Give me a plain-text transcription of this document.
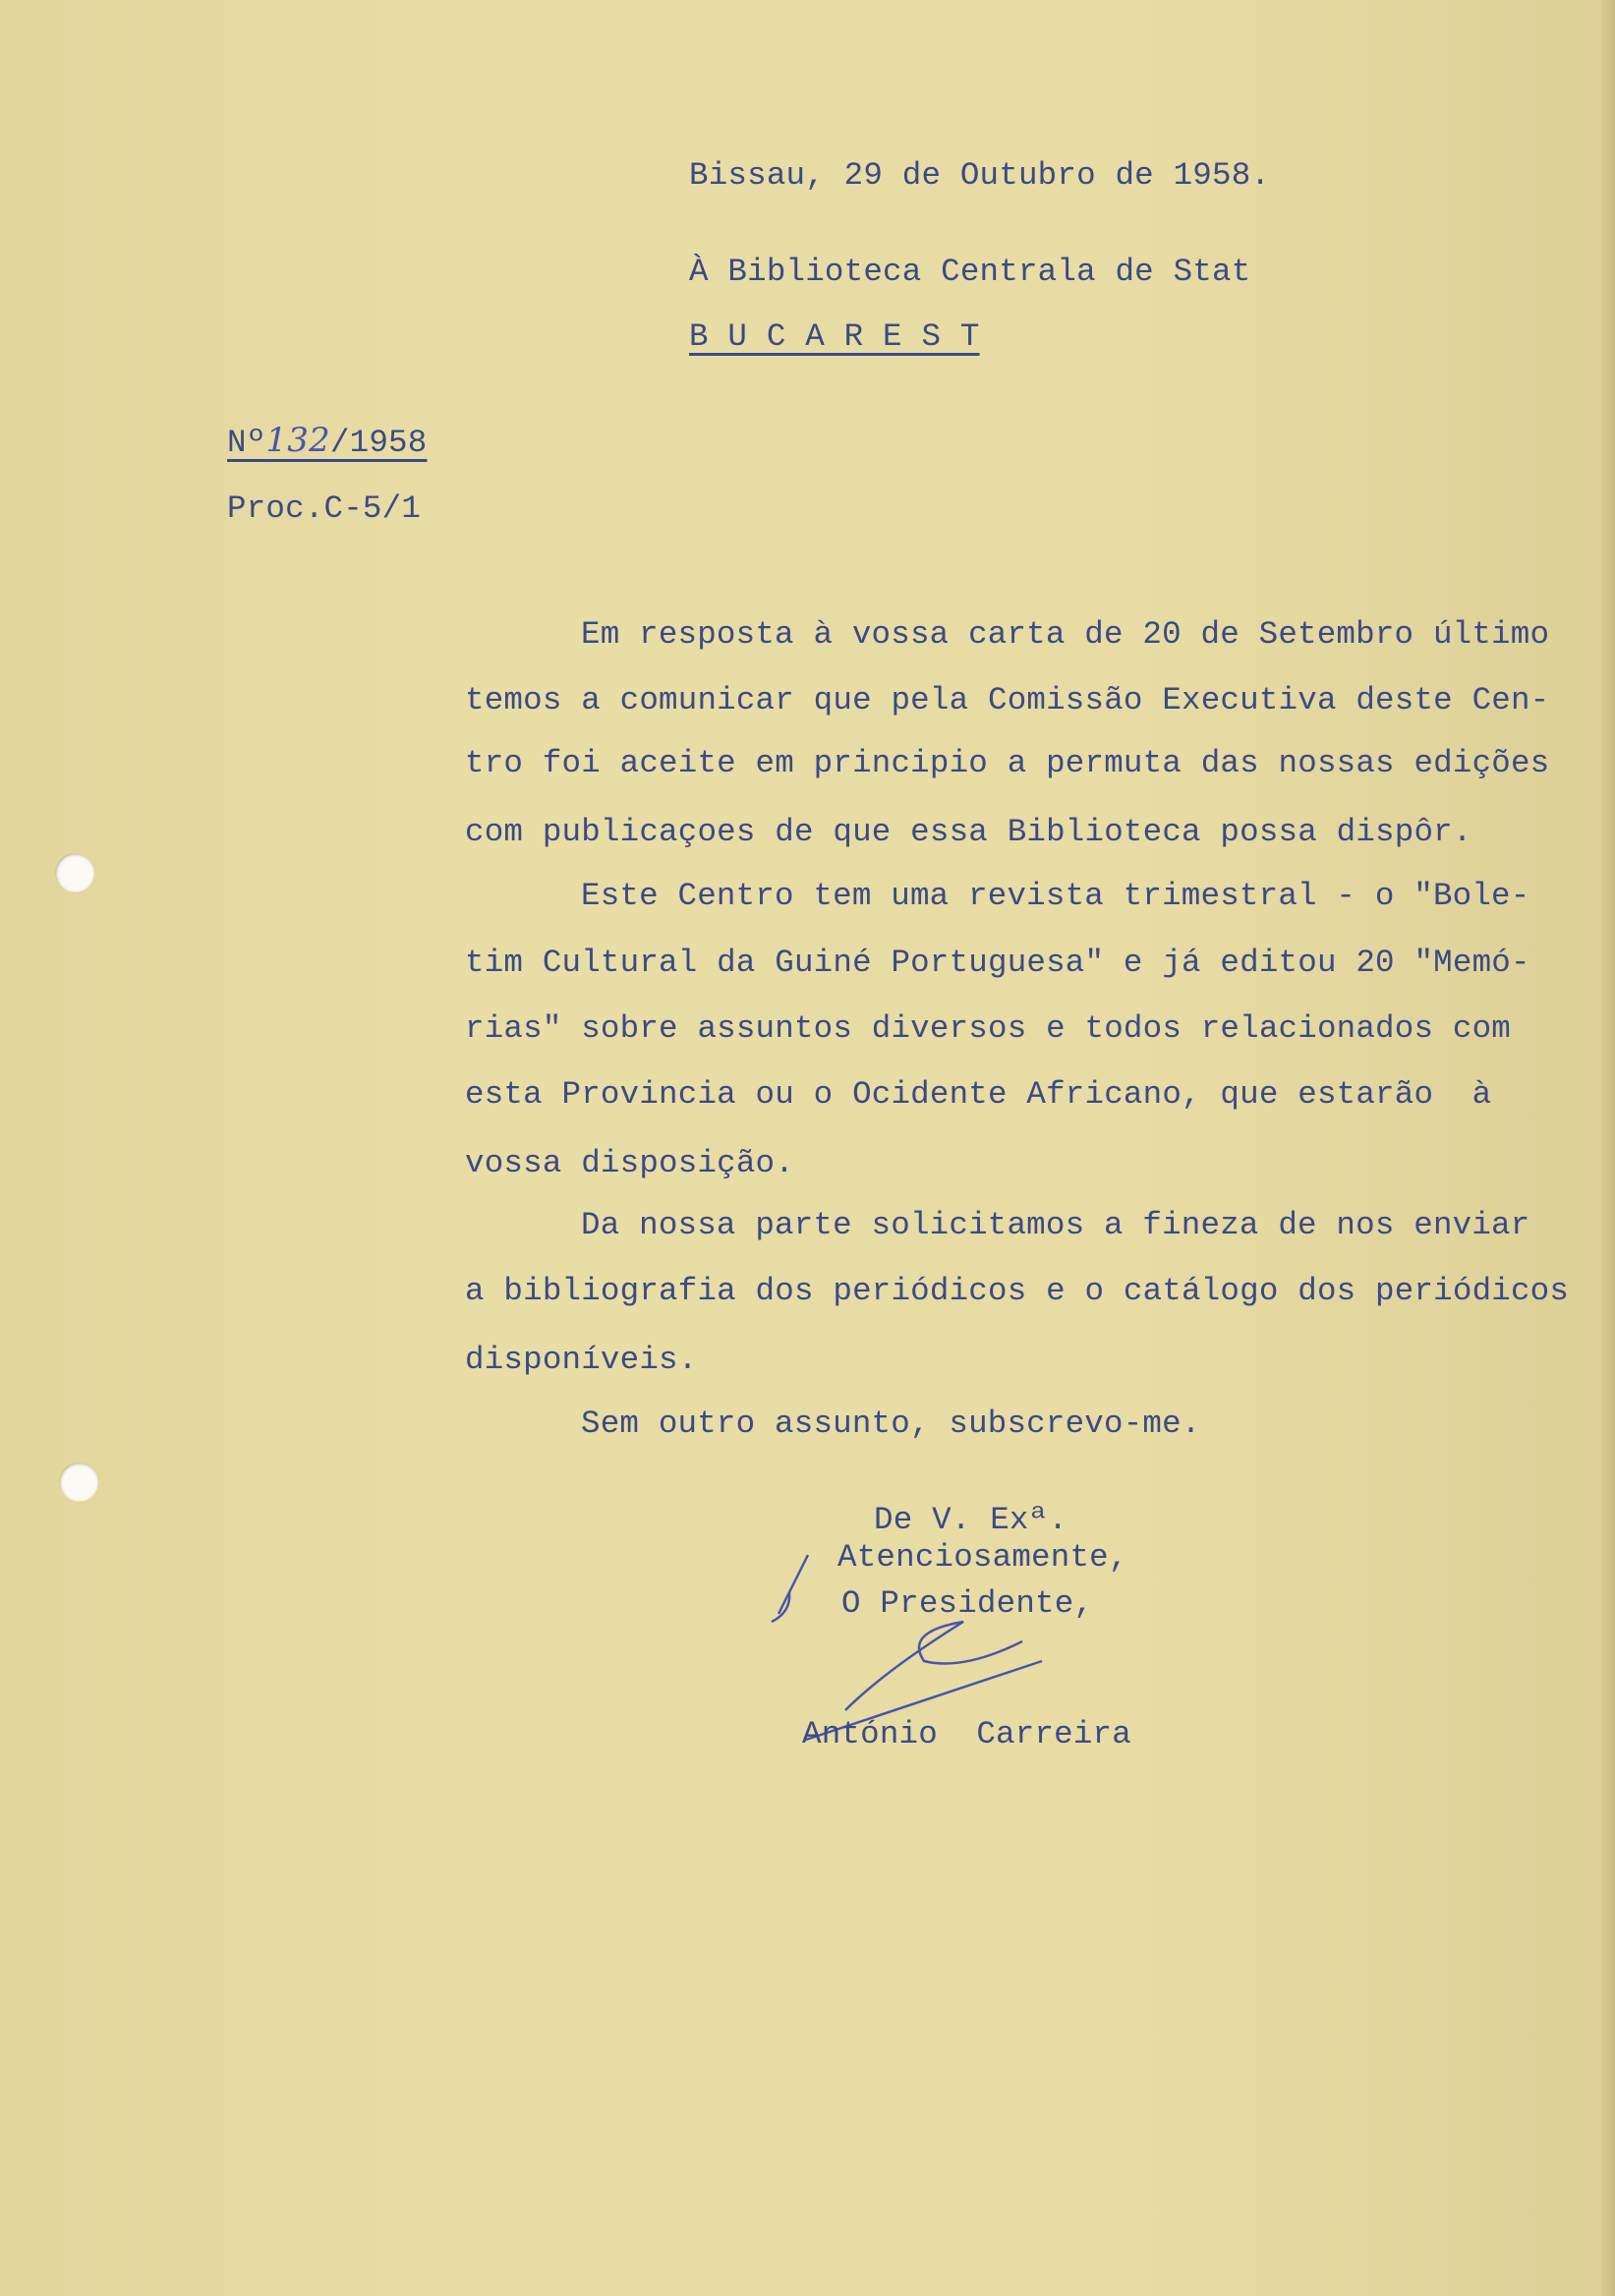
Bissau, 29 de Outubro de 1958.
À Biblioteca Centrala de Stat
B U C A R E S T
Nº132/1958
Proc.C-5/1
Em resposta à vossa carta de 20 de Setembro último
temos a comunicar que pela Comissão Executiva deste Cen-
tro foi aceite em principio a permuta das nossas edições
com publicaçoes de que essa Biblioteca possa dispôr.
Este Centro tem uma revista trimestral - o "Bole-
tim Cultural da Guiné Portuguesa" e já editou 20 "Memó-
rias" sobre assuntos diversos e todos relacionados com
esta Provincia ou o Ocidente Africano, que estarão  à
vossa disposição.
Da nossa parte solicitamos a fineza de nos enviar
a bibliografia dos periódicos e o catálogo dos periódicos
disponíveis.
Sem outro assunto, subscrevo-me.
De V. Exª.
Atenciosamente,
O Presidente,
António  Carreira
